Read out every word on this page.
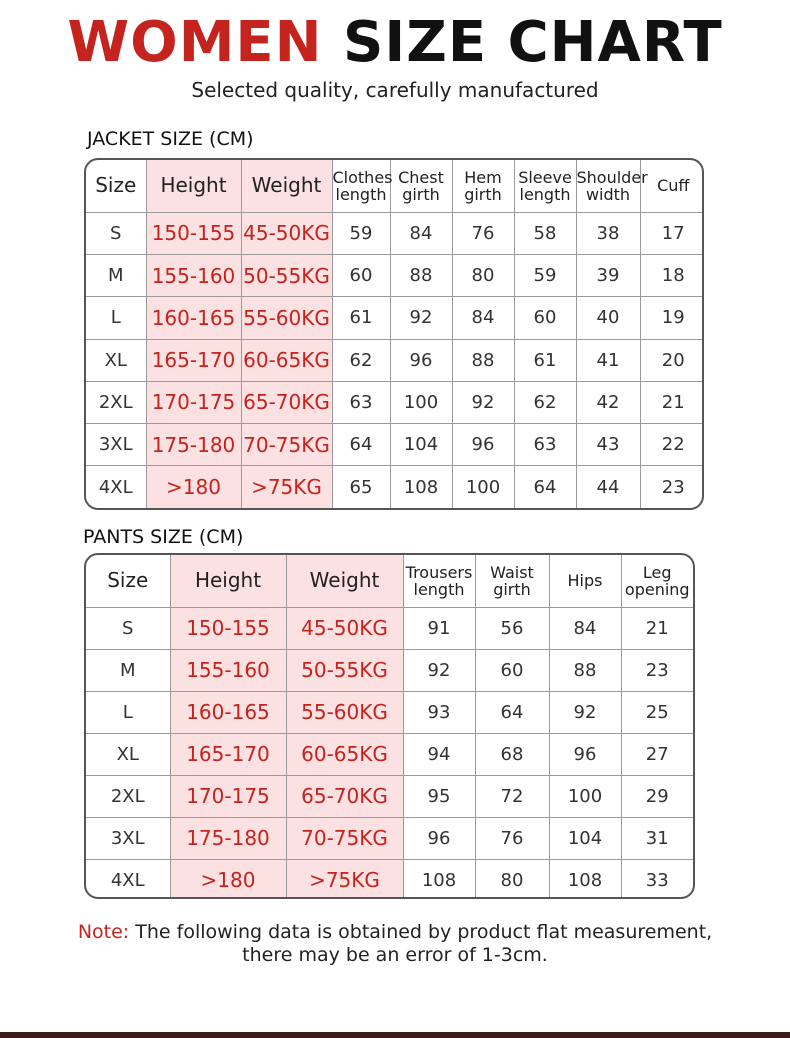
WOMEN SIZE CHART
Selected quality, carefully manufactured
JACKET SIZE (CM)
Size	Height	Weight	Clothes length	Chest girth	Hem girth	Sleeve length	Shoulder width	Cuff
S	150-155	45-50KG	59	84	76	58	38	17
M	155-160	50-55KG	60	88	80	59	39	18
L	160-165	55-60KG	61	92	84	60	40	19
XL	165-170	60-65KG	62	96	88	61	41	20
2XL	170-175	65-70KG	63	100	92	62	42	21
3XL	175-180	70-75KG	64	104	96	63	43	22
4XL	>180	>75KG	65	108	100	64	44	23
PANTS SIZE (CM)
Size	Height	Weight	Trousers length	Waist girth	Hips	Leg opening
S	150-155	45-50KG	91	56	84	21
M	155-160	50-55KG	92	60	88	23
L	160-165	55-60KG	93	64	92	25
XL	165-170	60-65KG	94	68	96	27
2XL	170-175	65-70KG	95	72	100	29
3XL	175-180	70-75KG	96	76	104	31
4XL	>180	>75KG	108	80	108	33
Note: The following data is obtained by product flat measurement,
there may be an error of 1-3cm.
